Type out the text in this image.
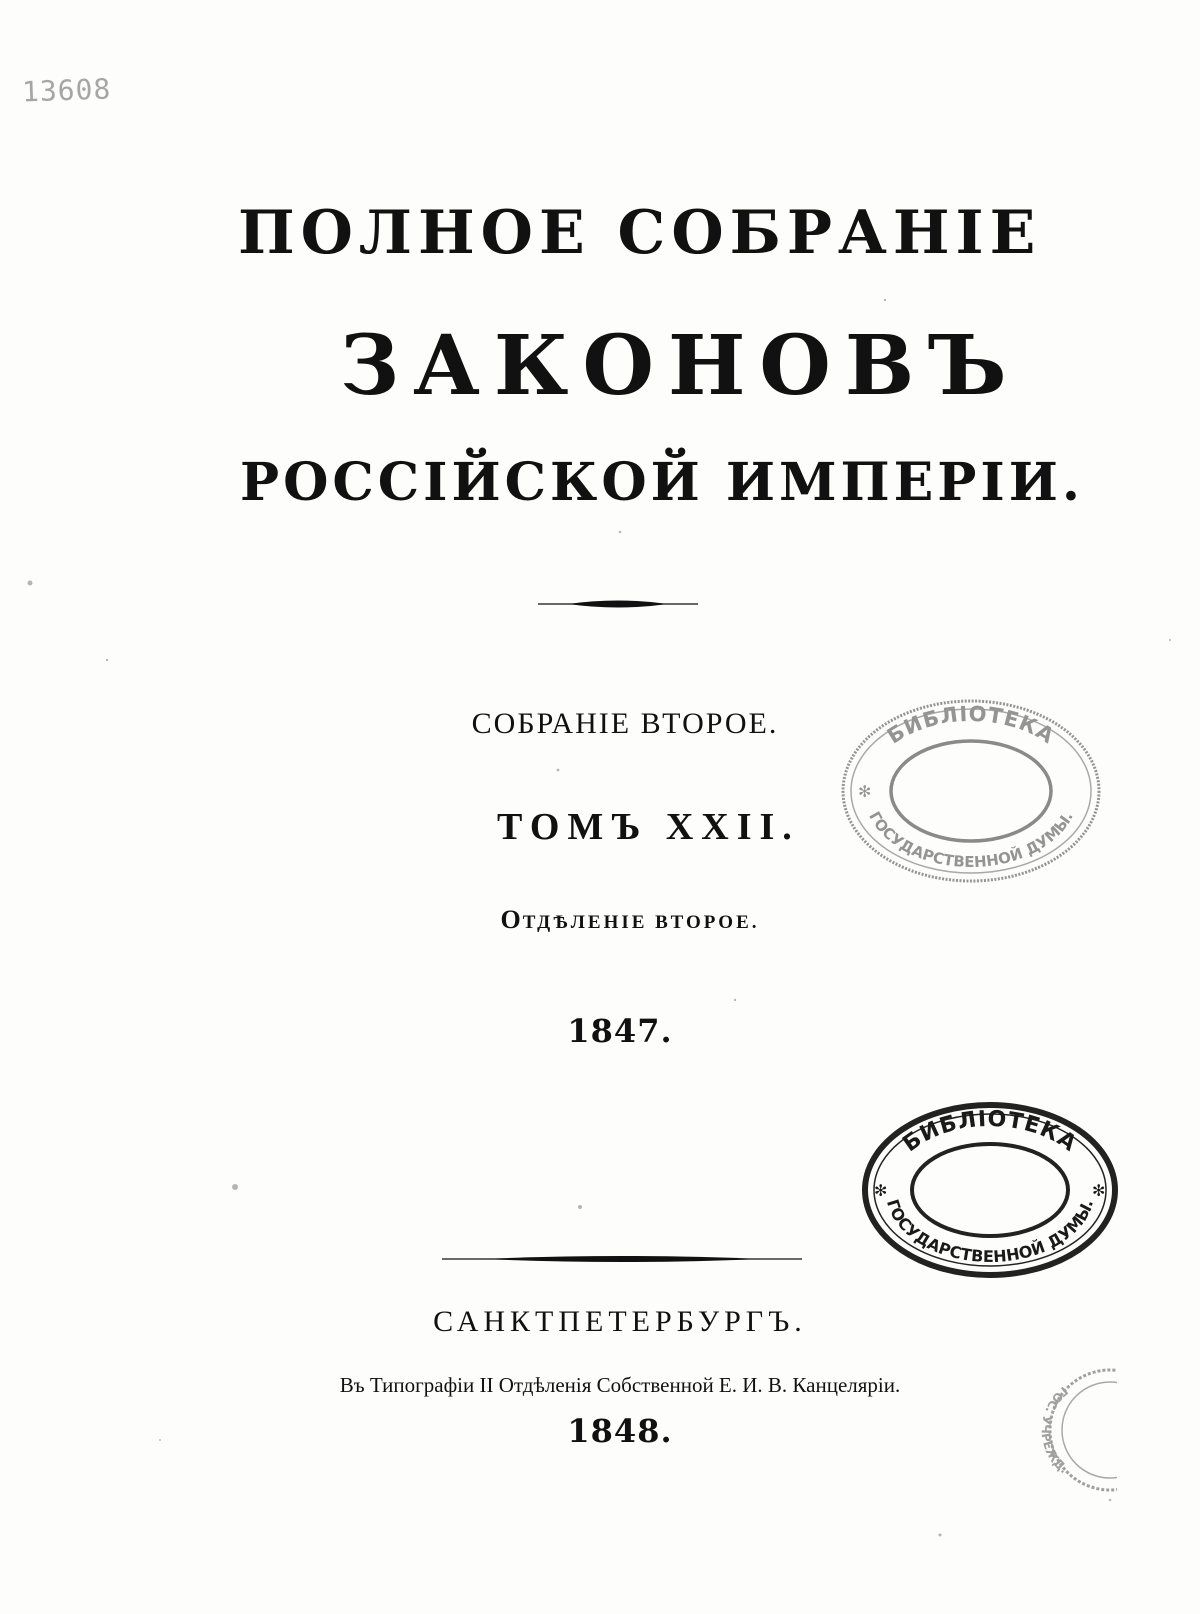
13608
ПОЛНОЕ СОБРАНІЕ
ЗАКОНОВЪ
РОССІЙСКОЙ ИМПЕРІИ.
СОБРАНІЕ ВТОРОЕ.
ТОМЪ XXII.
ОТДѢЛЕНІЕ ВТОРОЕ.
1847.
САНКТПЕТЕРБУРГЪ.
Въ Типографіи II Отдѣленія Собственной Е. И. В. Канцеляріи.
1848.
БИБЛІОТЕКА
ГОСУДАРСТВЕННОЙ ДУМЫ.
✻
БИБЛІОТЕКА
ГОСУДАРСТВЕННОЙ ДУМЫ.
✻	✻
ГОС. УЧРЕЖД.
